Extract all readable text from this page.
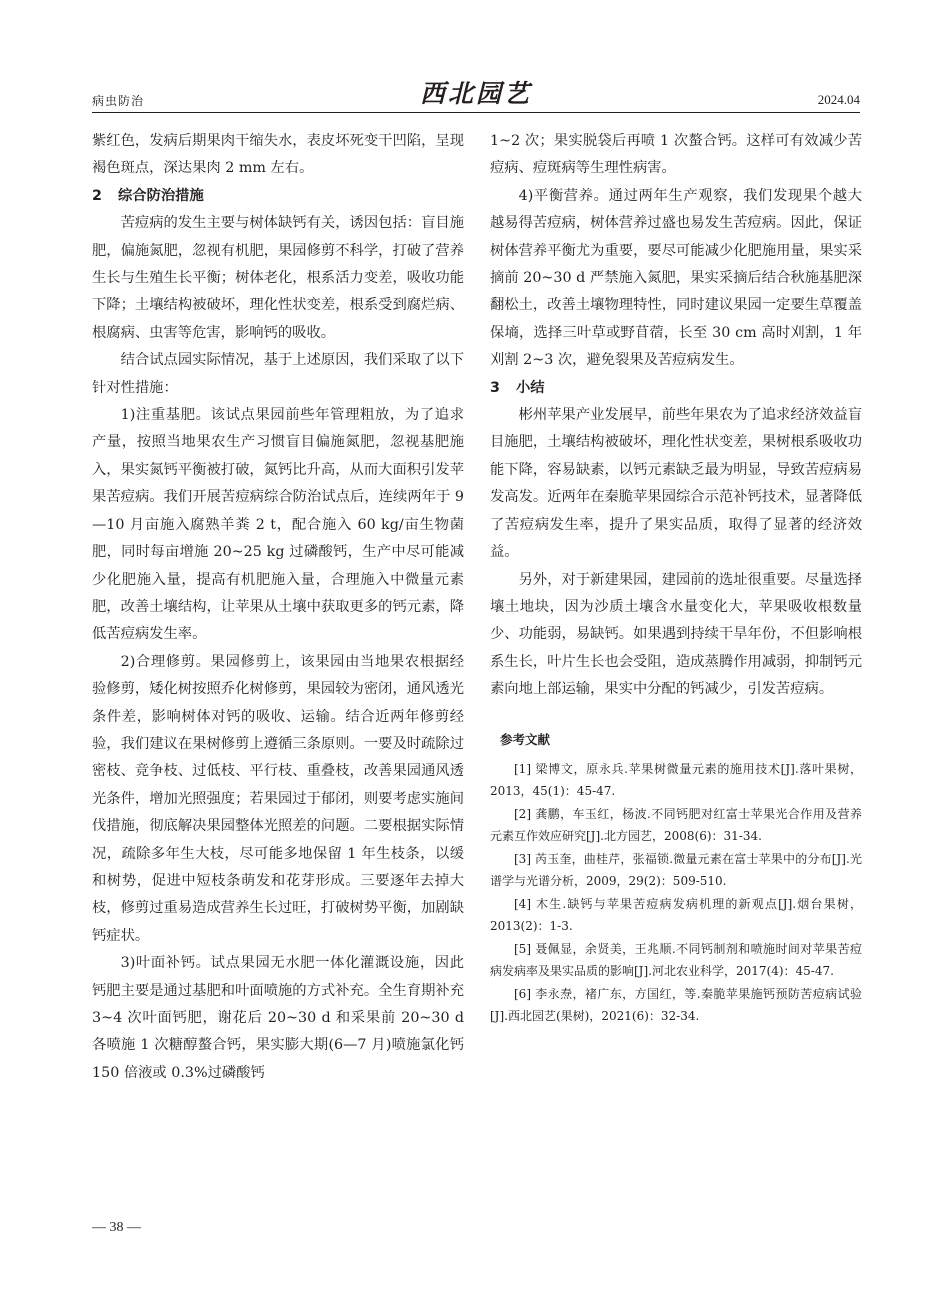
病虫防治	西北园艺	2024.04

紫红色，发病后期果肉干缩失水，表皮坏死变干凹陷，呈现褐色斑点，深达果肉 2 mm 左右。

2 综合防治措施

苦痘病的发生主要与树体缺钙有关，诱因包括：盲目施肥，偏施氮肥，忽视有机肥，果园修剪不科学，打破了营养生长与生殖生长平衡；树体老化，根系活力变差，吸收功能下降；土壤结构被破坏，理化性状变差，根系受到腐烂病、根腐病、虫害等危害，影响钙的吸收。

结合试点园实际情况，基于上述原因，我们采取了以下针对性措施：

1)注重基肥。该试点果园前些年管理粗放，为了追求产量，按照当地果农生产习惯盲目偏施氮肥，忽视基肥施入，果实氮钙平衡被打破，氮钙比升高，从而大面积引发苹果苦痘病。我们开展苦痘病综合防治试点后，连续两年于 9—10 月亩施入腐熟羊粪 2 t，配合施入 60 kg/亩生物菌肥，同时每亩增施 20~25 kg 过磷酸钙，生产中尽可能减少化肥施入量，提高有机肥施入量，合理施入中微量元素肥，改善土壤结构，让苹果从土壤中获取更多的钙元素，降低苦痘病发生率。

2)合理修剪。果园修剪上，该果园由当地果农根据经验修剪，矮化树按照乔化树修剪，果园较为密闭，通风透光条件差，影响树体对钙的吸收、运输。结合近两年修剪经验，我们建议在果树修剪上遵循三条原则。一要及时疏除过密枝、竞争枝、过低枝、平行枝、重叠枝，改善果园通风透光条件，增加光照强度；若果园过于郁闭，则要考虑实施间伐措施，彻底解决果园整体光照差的问题。二要根据实际情况，疏除多年生大枝，尽可能多地保留 1 年生枝条，以缓和树势，促进中短枝条萌发和花芽形成。三要逐年去掉大枝，修剪过重易造成营养生长过旺，打破树势平衡，加剧缺钙症状。

3)叶面补钙。试点果园无水肥一体化灌溉设施，因此钙肥主要是通过基肥和叶面喷施的方式补充。全生育期补充 3~4 次叶面钙肥，谢花后 20~30 d 和采果前 20~30 d 各喷施 1 次糖醇螯合钙，果实膨大期(6—7 月)喷施氯化钙 150 倍液或 0.3%过磷酸钙

1~2 次；果实脱袋后再喷 1 次螯合钙。这样可有效减少苦痘病、痘斑病等生理性病害。

4)平衡营养。通过两年生产观察，我们发现果个越大越易得苦痘病，树体营养过盛也易发生苦痘病。因此，保证树体营养平衡尤为重要，要尽可能减少化肥施用量，果实采摘前 20~30 d 严禁施入氮肥，果实采摘后结合秋施基肥深翻松土，改善土壤物理特性，同时建议果园一定要生草覆盖保墒，选择三叶草或野苜蓿，长至 30 cm 高时刈割，1 年刈割 2~3 次，避免裂果及苦痘病发生。

3 小结

彬州苹果产业发展早，前些年果农为了追求经济效益盲目施肥，土壤结构被破坏，理化性状变差，果树根系吸收功能下降，容易缺素，以钙元素缺乏最为明显，导致苦痘病易发高发。近两年在秦脆苹果园综合示范补钙技术，显著降低了苦痘病发生率，提升了果实品质，取得了显著的经济效益。

另外，对于新建果园，建园前的选址很重要。尽量选择壤土地块，因为沙质土壤含水量变化大，苹果吸收根数量少、功能弱，易缺钙。如果遇到持续干旱年份，不但影响根系生长，叶片生长也会受阻，造成蒸腾作用减弱，抑制钙元素向地上部运输，果实中分配的钙减少，引发苦痘病。

参考文献

[1] 梁博文，原永兵.苹果树微量元素的施用技术[J].落叶果树，2013，45(1)：45-47.

[2] 龚鹏，车玉红，杨波.不同钙肥对红富士苹果光合作用及营养元素互作效应研究[J].北方园艺，2008(6)：31-34.

[3] 芮玉奎，曲桂芹，张福锁.微量元素在富士苹果中的分布[J].光谱学与光谱分析，2009，29(2)：509-510.

[4] 木生.缺钙与苹果苦痘病发病机理的新观点[J].烟台果树，2013(2)：1-3.

[5] 聂佩显，余贤美，王兆顺.不同钙制剂和喷施时间对苹果苦痘病发病率及果实品质的影响[J].河北农业科学，2017(4)：45-47.

[6] 李永焘，褚广东，方国红，等.秦脆苹果施钙预防苦痘病试验[J].西北园艺(果树)，2021(6)：32-34.

— 38 —
